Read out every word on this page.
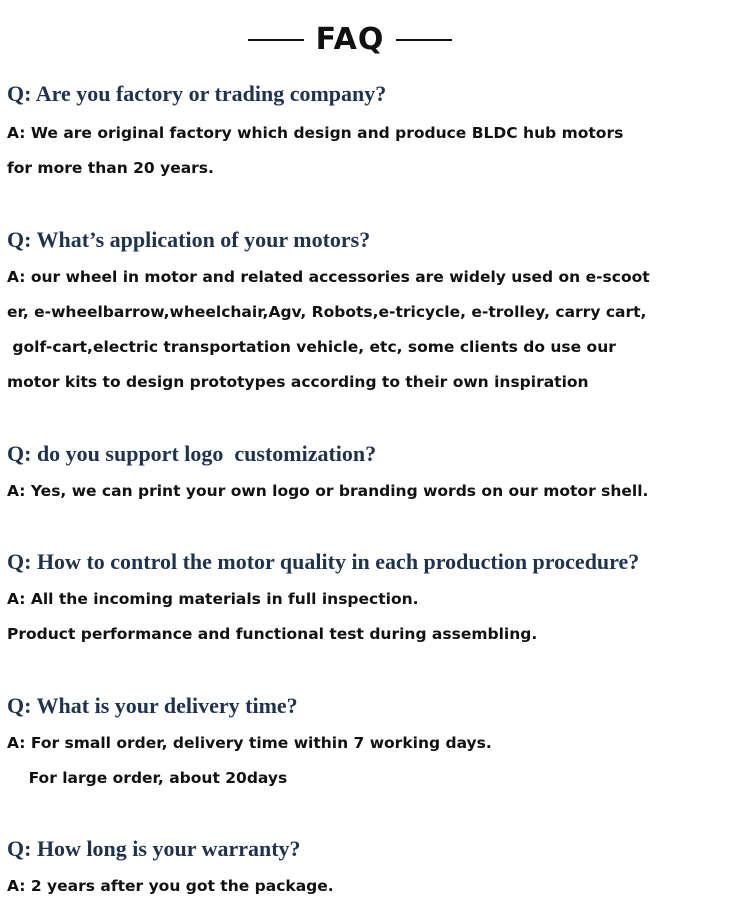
FAQ
Q: Are you factory or trading company?
A: We are original factory which design and produce BLDC hub motors
for more than 20 years.
Q: What’s application of your motors?
A: our wheel in motor and related accessories are widely used on e-scoot
er, e-wheelbarrow,wheelchair,Agv, Robots,e-tricycle, e-trolley, carry cart,
golf-cart,electric transportation vehicle, etc, some clients do use our
motor kits to design prototypes according to their own inspiration
Q: do you support logo  customization?
A: Yes, we can print your own logo or branding words on our motor shell.
Q: How to control the motor quality in each production procedure?
A: All the incoming materials in full inspection.
Product performance and functional test during assembling.
Q: What is your delivery time?
A: For small order, delivery time within 7 working days.
For large order, about 20days
Q: How long is your warranty?
A: 2 years after you got the package.
